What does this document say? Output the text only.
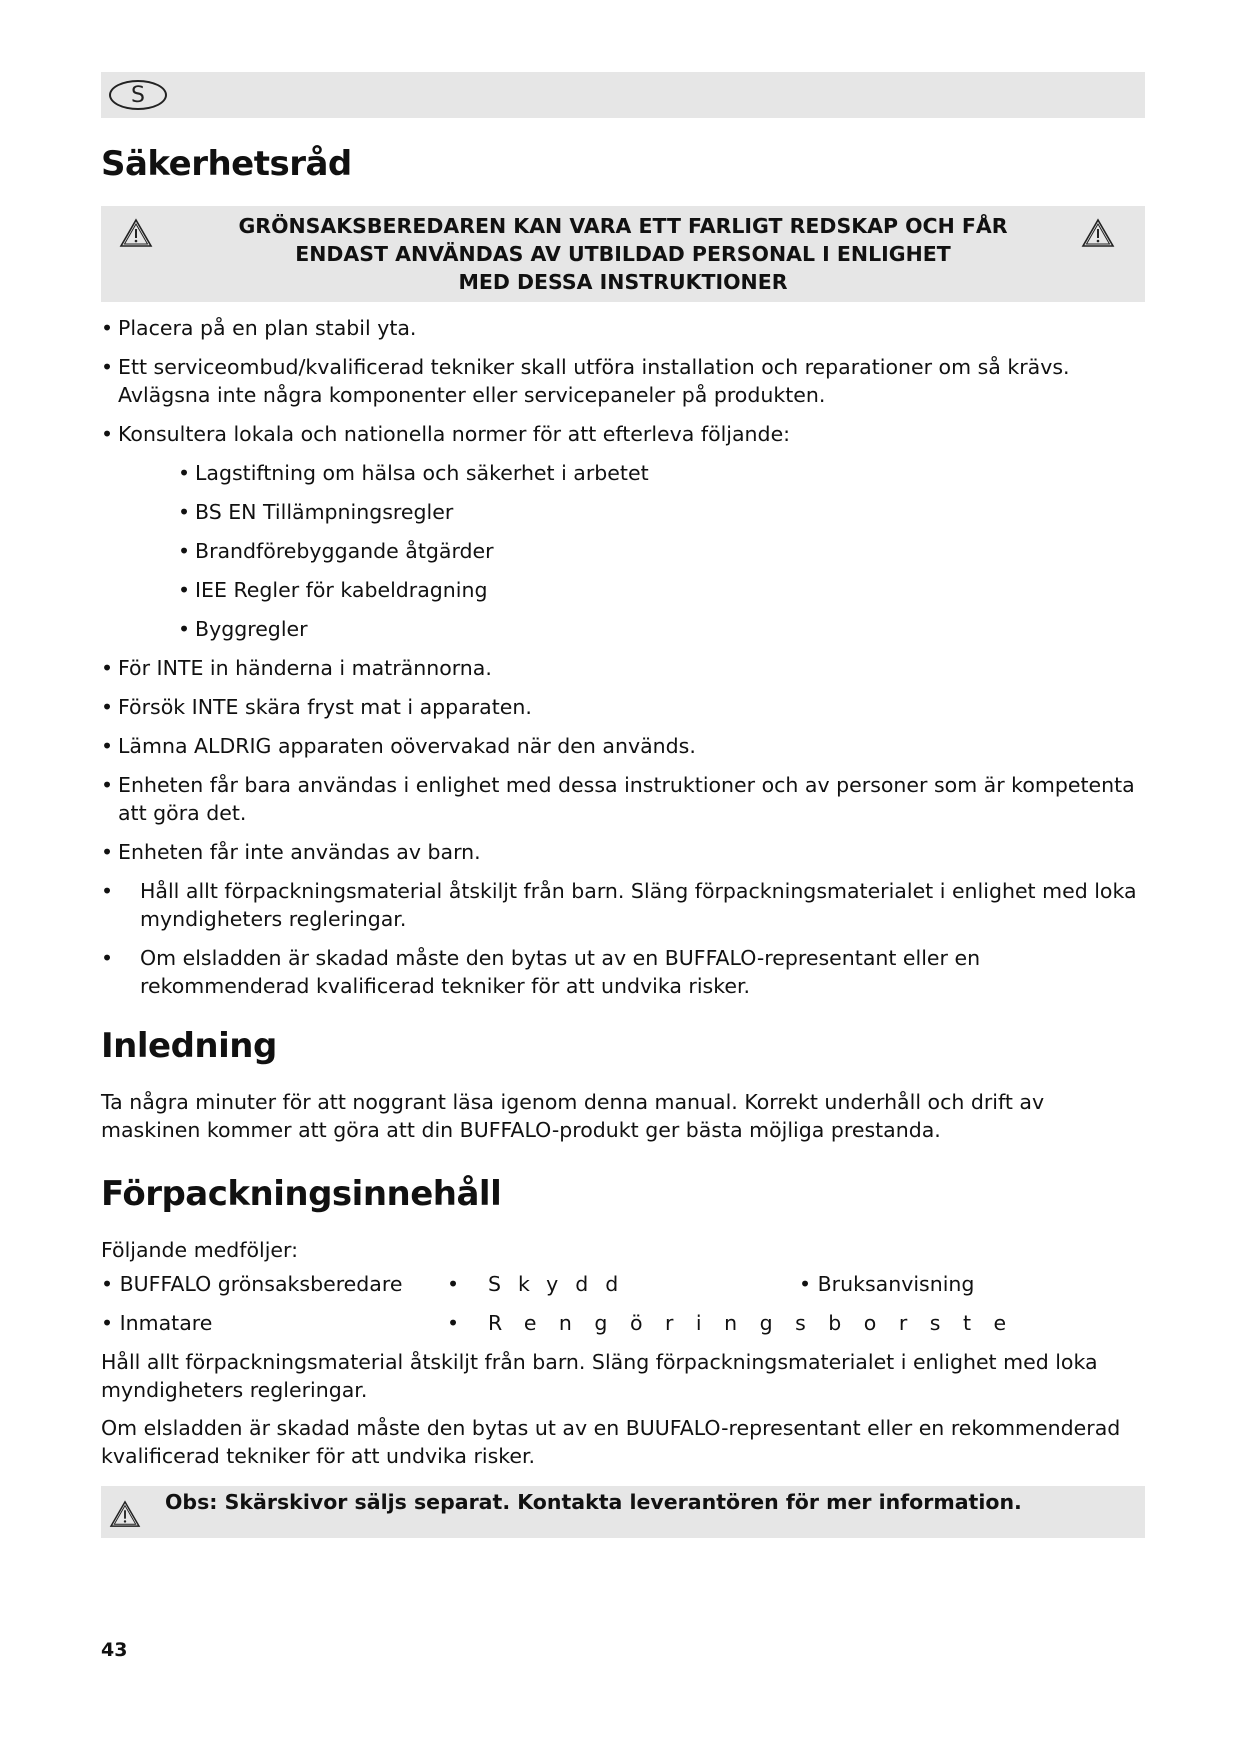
S
Säkerhetsråd
GRÖNSAKSBEREDAREN KAN VARA ETT FARLIGT REDSKAP OCH FÅR
ENDAST ANVÄNDAS AV UTBILDAD PERSONAL I ENLIGHET
MED DESSA INSTRUKTIONER
• Placera på en plan stabil yta.
• Ett serviceombud/kvalificerad tekniker skall utföra installation och reparationer om så krävs. Avlägsna inte några komponenter eller servicepaneler på produkten.
• Konsultera lokala och nationella normer för att efterleva följande:
• Lagstiftning om hälsa och säkerhet i arbetet
• BS EN Tillämpningsregler
• Brandförebyggande åtgärder
• IEE Regler för kabeldragning
• Byggregler
• För INTE in händerna i matrännorna.
• Försök INTE skära fryst mat i apparaten.
• Lämna ALDRIG apparaten oövervakad när den används.
• Enheten får bara användas i enlighet med dessa instruktioner och av personer som är kompetenta att göra det.
• Enheten får inte användas av barn.
• Håll allt förpackningsmaterial åtskiljt från barn. Släng förpackningsmaterialet i enlighet med loka myndigheters regleringar.
• Om elsladden är skadad måste den bytas ut av en BUFFALO-representant eller en rekommenderad kvalificerad tekniker för att undvika risker.
Inledning

Ta några minuter för att noggrant läsa igenom denna manual. Korrekt underhåll och drift av maskinen kommer att göra att din BUFFALO-produkt ger bästa möjliga prestanda.

Förpackningsinnehåll

Följande medföljer:

• BUFFALO grönsaksberedare • Skydd	• Bruksanvisning
• Inmatare	• Rengöringsborste

Håll allt förpackningsmaterial åtskiljt från barn. Släng förpackningsmaterialet i enlighet med loka myndigheters regleringar.

Om elsladden är skadad måste den bytas ut av en BUUFALO-representant eller en rekommenderad kvalificerad tekniker för att undvika risker.

Obs: Skärskivor säljs separat. Kontakta leverantören för mer information.
43
